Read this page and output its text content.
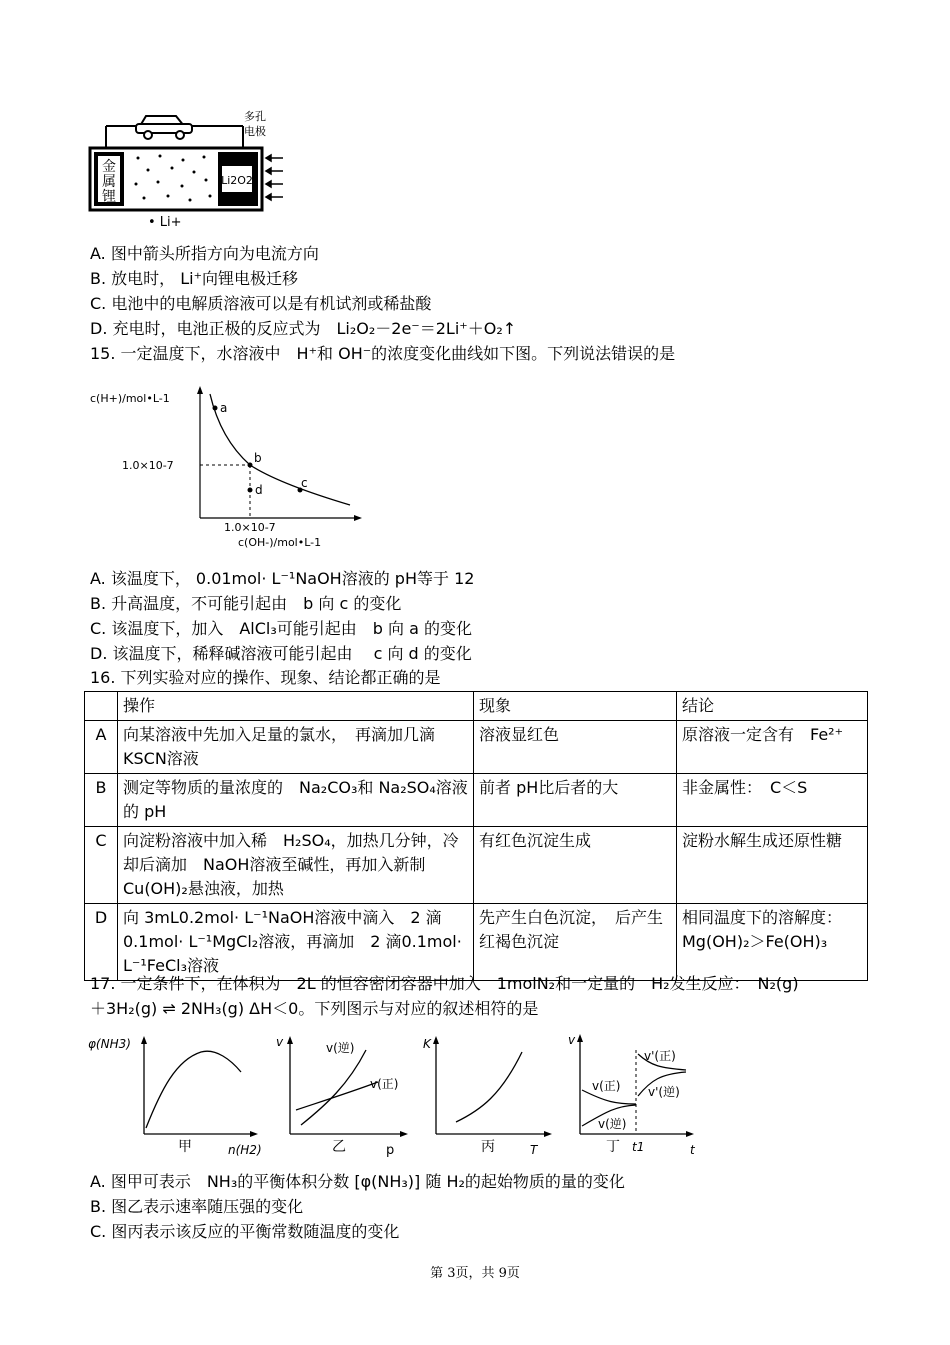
金
属
锂
Li2O2
多孔
电极
• Li+
A. 图中箭头所指方向为电流方向
B. 放电时， Li⁺向锂电极迁移
C. 电池中的电解质溶液可以是有机试剂或稀盐酸
D. 充电时，电池正极的反应式为　Li₂O₂－2e⁻＝2Li⁺＋O₂↑
15. 一定温度下，水溶液中　H⁺和 OH⁻的浓度变化曲线如下图。下列说法错误的是
c(H+)/mol•L-1
a
b
c
d
1.0×10-7
1.0×10-7
c(OH-)/mol•L-1
A. 该温度下， 0.01mol· L⁻¹NaOH溶液的 pH等于 12
B. 升高温度，不可能引起由　b 向 c 的变化
C. 该温度下，加入　AlCl₃可能引起由　b 向 a 的变化
D. 该温度下，稀释碱溶液可能引起由　 c 向 d 的变化
16. 下列实验对应的操作、现象、结论都正确的是
	操作	现象	结论
A	向某溶液中先加入足量的氯水，　再滴加几滴 KSCN溶液	溶液显红色	原溶液一定含有　Fe²⁺
B	测定等物质的量浓度的　Na₂CO₃和 Na₂SO₄溶液的 pH	前者 pH比后者的大	非金属性：　C＜S
C	向淀粉溶液中加入稀　H₂SO₄，加热几分钟，冷却后滴加　NaOH溶液至碱性，再加入新制 Cu(OH)₂悬浊液，加热	有红色沉淀生成	淀粉水解生成还原性糖
D	向 3mL0.2mol· L⁻¹NaOH溶液中滴入　2 滴0.1mol· L⁻¹MgCl₂溶液，再滴加　2 滴0.1mol· L⁻¹FeCl₃溶液	先产生白色沉淀，　后产生红褐色沉淀	相同温度下的溶解度：Mg(OH)₂＞Fe(OH)₃
17. 一定条件下，在体积为　2L 的恒容密闭容器中加入　1molN₂和一定量的　H₂发生反应：　N₂(g)
＋3H₂(g) ⇌ 2NH₃(g) ΔH＜0。下列图示与对应的叙述相符的是
φ(NH3)
甲	n(H2)
v	v(逆)
v(正)
乙	p
K
丙	T
v
v(正)
v(逆)
v'(正)
v'(逆)
丁 t1	t
A. 图甲可表示　NH₃的平衡体积分数 [φ(NH₃)] 随 H₂的起始物质的量的变化
B. 图乙表示速率随压强的变化
C. 图丙表示该反应的平衡常数随温度的变化
第 3页，共 9页
